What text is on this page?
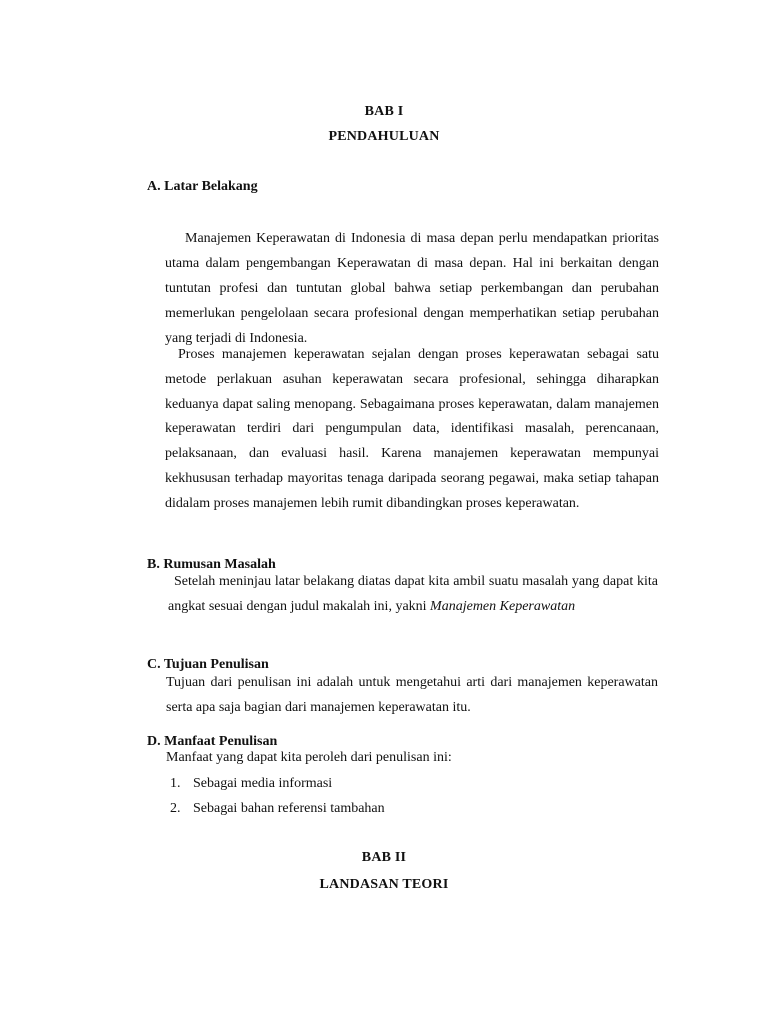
BAB I
PENDAHULUAN
A. Latar Belakang
Manajemen Keperawatan di Indonesia di masa depan perlu mendapatkan prioritas utama dalam pengembangan Keperawatan di masa depan. Hal ini berkaitan dengan tuntutan profesi dan tuntutan global bahwa setiap perkembangan dan perubahan memerlukan pengelolaan secara profesional dengan memperhatikan setiap perubahan yang terjadi di Indonesia.
Proses manajemen keperawatan sejalan dengan proses keperawatan sebagai satu metode perlakuan asuhan keperawatan secara profesional, sehingga diharapkan keduanya dapat saling menopang. Sebagaimana proses keperawatan, dalam manajemen keperawatan terdiri dari pengumpulan data, identifikasi masalah, perencanaan, pelaksanaan, dan evaluasi hasil. Karena manajemen keperawatan mempunyai kekhususan terhadap mayoritas tenaga daripada seorang pegawai, maka setiap tahapan didalam proses manajemen lebih rumit dibandingkan proses keperawatan.
B. Rumusan Masalah
Setelah meninjau latar belakang diatas dapat kita ambil suatu masalah yang dapat kita angkat sesuai dengan judul makalah ini, yakni Manajemen Keperawatan
C. Tujuan Penulisan
Tujuan dari penulisan ini adalah untuk mengetahui arti dari manajemen keperawatan serta apa saja bagian dari manajemen keperawatan itu.
D. Manfaat Penulisan
Manfaat yang dapat kita peroleh dari penulisan ini:
1. Sebagai media informasi
2. Sebagai bahan referensi tambahan
BAB II
LANDASAN TEORI
